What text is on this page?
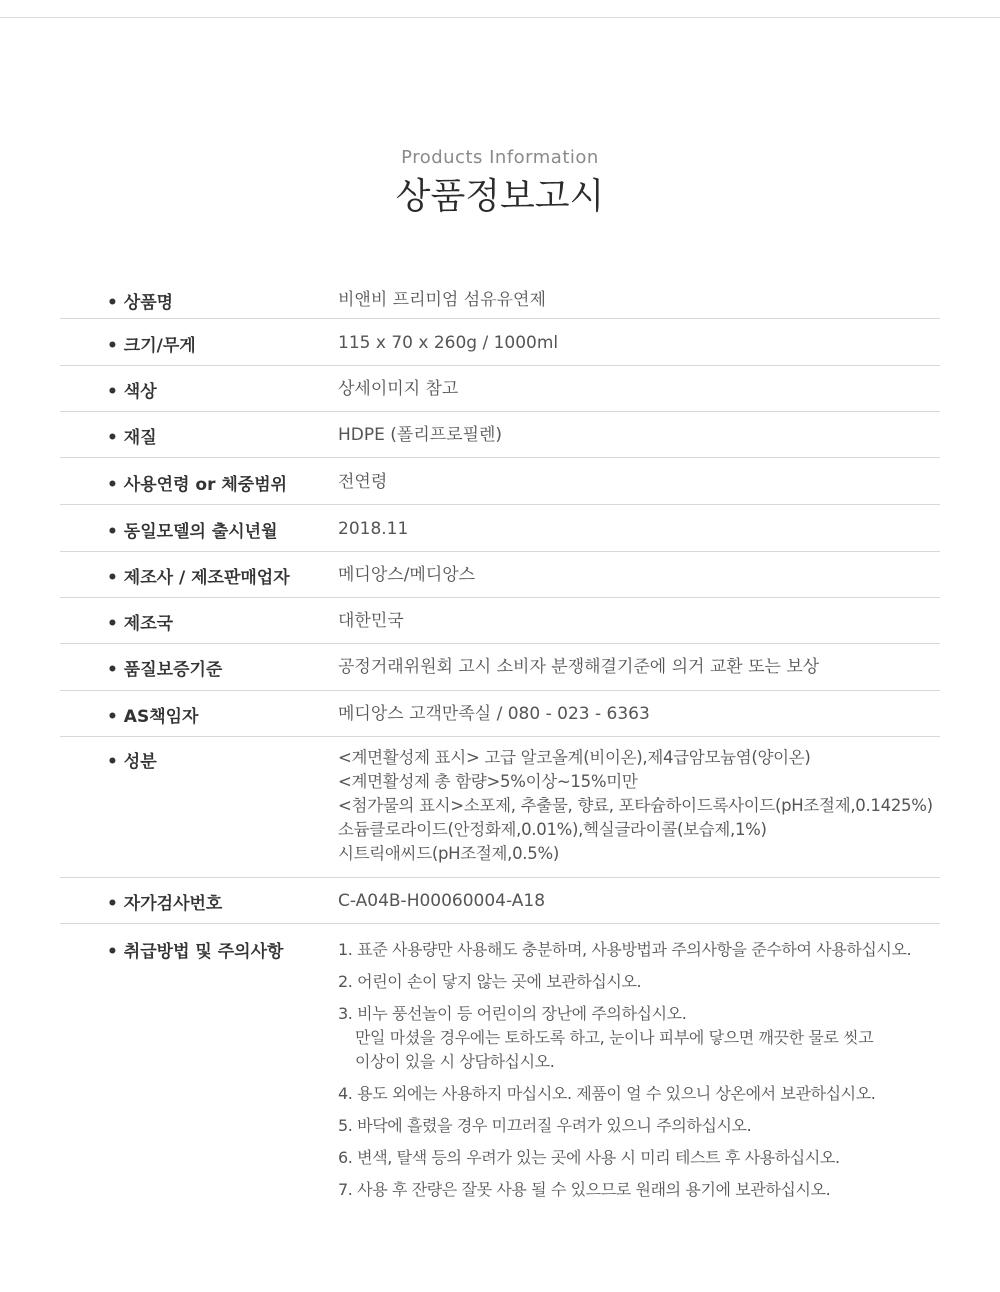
Products Information
상품정보고시
• 상품명	비앤비 프리미엄 섬유유연제
• 크기/무게	115 x 70 x 260g / 1000ml
• 색상	상세이미지 참고
• 재질	HDPE (폴리프로필렌)
• 사용연령 or 체중범위	전연령
• 동일모델의 출시년월	2018.11
• 제조사 / 제조판매업자	메디앙스/메디앙스
• 제조국	대한민국
• 품질보증기준	공정거래위원회 고시 소비자 분쟁해결기준에 의거 교환 또는 보상
• AS책임자	메디앙스 고객만족실 / 080 - 023 - 6363
• 성분	<계면활성제 표시> 고급 알코올계(비이온),제4급암모늄염(양이온)
<계면활성제 총 함량>5%이상~15%미만
<첨가물의 표시>소포제, 추출물, 향료, 포타슘하이드록사이드(pH조절제,0.1425%)
소듐클로라이드(안정화제,0.01%),헥실글라이콜(보습제,1%)
시트릭애씨드(pH조절제,0.5%)
• 자가검사번호	C-A04B-H00060004-A18
• 취급방법 및 주의사항	1. 표준 사용량만 사용해도 충분하며, 사용방법과 주의사항을 준수하여 사용하십시오.
2. 어린이 손이 닿지 않는 곳에 보관하십시오.
3. 비누 풍선놀이 등 어린이의 장난에 주의하십시오.
만일 마셨을 경우에는 토하도록 하고, 눈이나 피부에 닿으면 깨끗한 물로 씻고
이상이 있을 시 상담하십시오.
4. 용도 외에는 사용하지 마십시오. 제품이 얼 수 있으니 상온에서 보관하십시오.
5. 바닥에 흘렸을 경우 미끄러질 우려가 있으니 주의하십시오.
6. 변색, 탈색 등의 우려가 있는 곳에 사용 시 미리 테스트 후 사용하십시오.
7. 사용 후 잔량은 잘못 사용 될 수 있으므로 원래의 용기에 보관하십시오.
